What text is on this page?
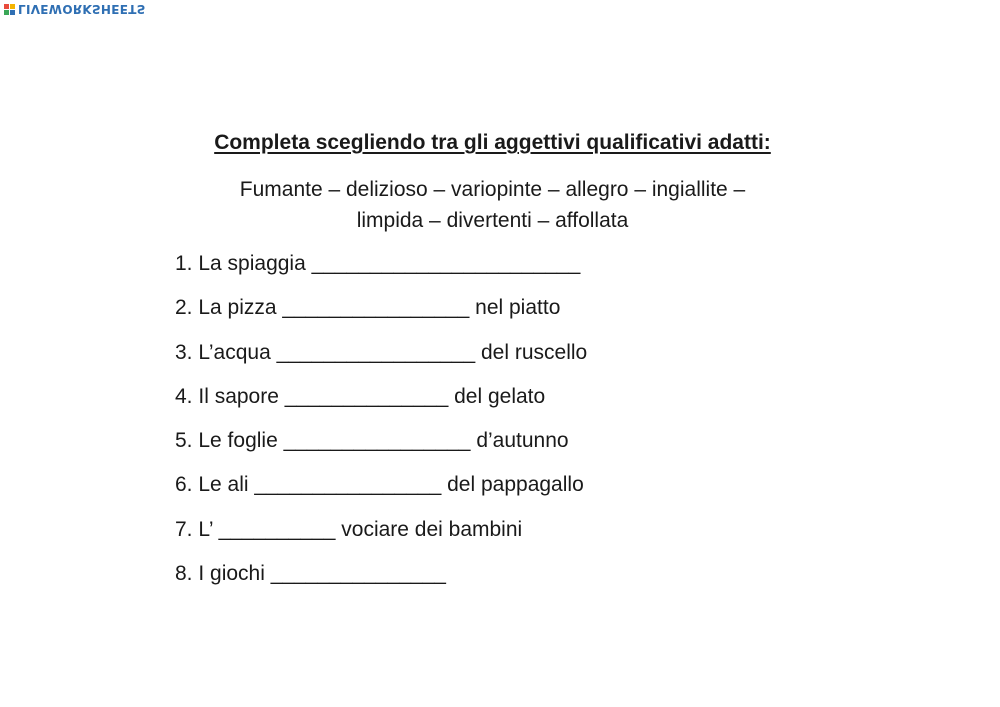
LIVEWORKSHEETS
Completa scegliendo tra gli aggettivi qualificativi adatti:
Fumante – delizioso – variopinte – allegro – ingiallite –
limpida – divertenti – affollata
1. La spiaggia _______________________
2. La pizza ________________ nel piatto
3. L’acqua _________________ del ruscello
4. Il sapore ______________ del gelato
5. Le foglie ________________ d’autunno
6. Le ali ________________ del pappagallo
7. L’ __________ vociare dei bambini
8. I giochi _______________
